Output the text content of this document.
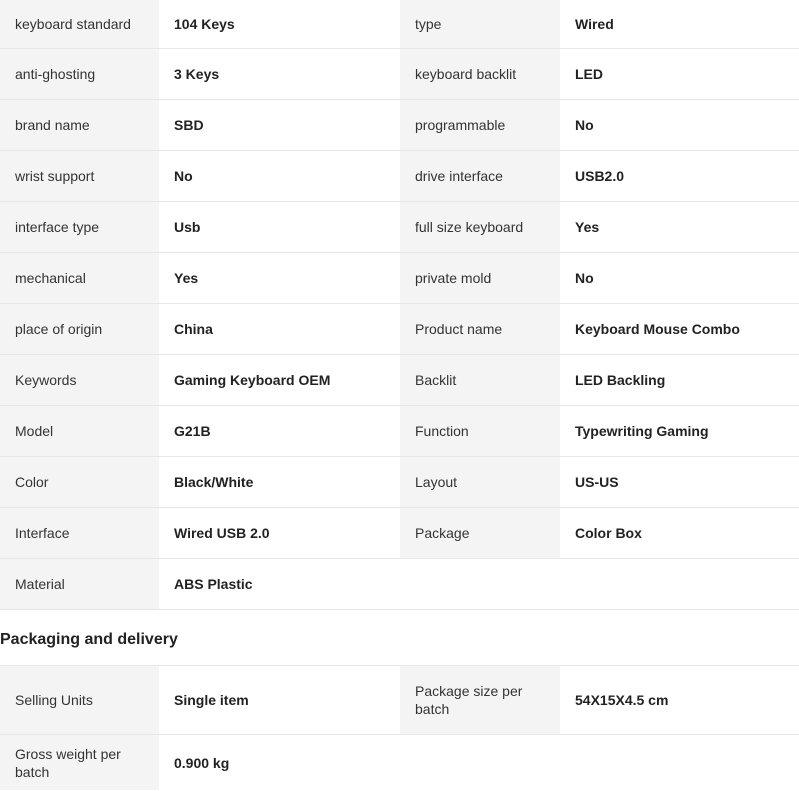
keyboard standard	104 Keys	type	Wired
anti-ghosting	3 Keys	keyboard backlit	LED
brand name	SBD	programmable	No
wrist support	No	drive interface	USB2.0
interface type	Usb	full size keyboard	Yes
mechanical	Yes	private mold	No
place of origin	China	Product name	Keyboard Mouse Combo
Keywords	Gaming Keyboard OEM	Backlit	LED Backling
Model	G21B	Function	Typewriting Gaming
Color	Black/White	Layout	US-US
Interface	Wired USB 2.0	Package	Color Box
Material	ABS Plastic		
Packaging and delivery
Selling Units	Single item	Package size per batch	54X15X4.5 cm
Gross weight per batch	0.900 kg		
